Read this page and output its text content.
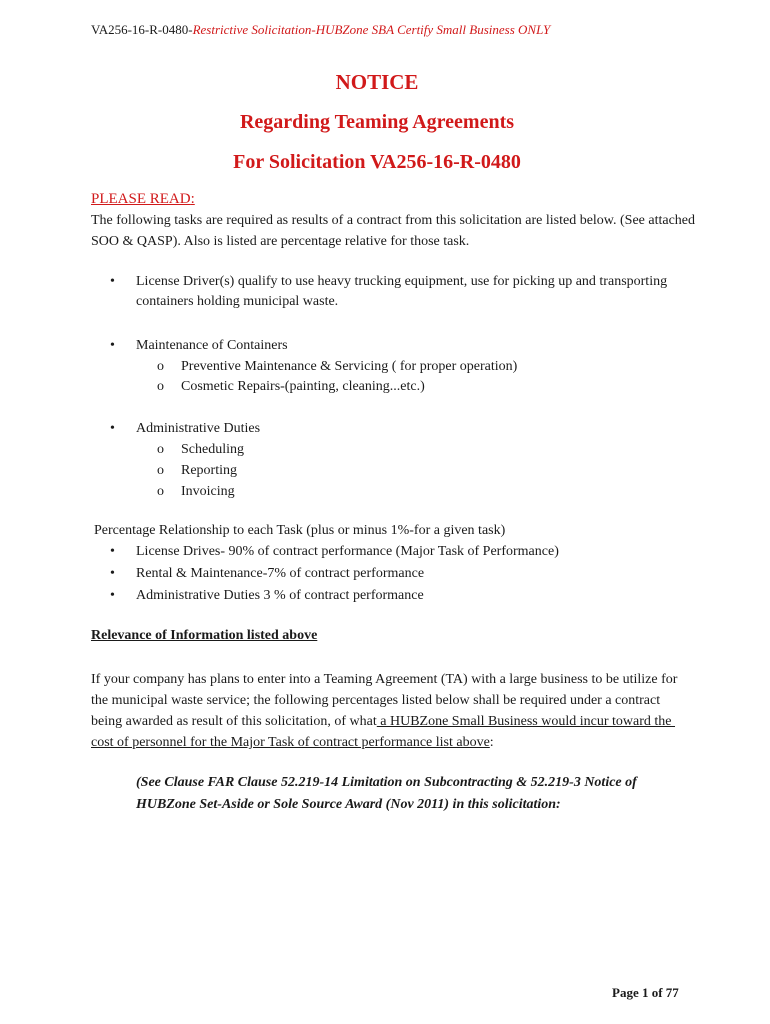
VA256-16-R-0480-Restrictive Solicitation-HUBZone SBA Certify Small Business ONLY
NOTICE
Regarding Teaming Agreements
For Solicitation VA256-16-R-0480
PLEASE READ:
The following tasks are required as results of a contract from this solicitation are listed below. (See attached SOO & QASP). Also is listed are percentage relative for those task.
• License Driver(s) qualify to use heavy trucking equipment, use for picking up and transporting containers holding municipal waste.
• Maintenance of Containers
o Preventive Maintenance & Servicing ( for proper operation)
o Cosmetic Repairs-(painting, cleaning...etc.)
• Administrative Duties
o Scheduling
o Reporting
o Invoicing
Percentage Relationship to each Task (plus or minus 1%-for a given task)
• License Drives- 90% of contract performance (Major Task of Performance)
• Rental & Maintenance-7% of contract performance
• Administrative Duties 3 % of contract performance
Relevance of Information listed above
If your company has plans to enter into a Teaming Agreement (TA) with a large business to be utilize for the municipal waste service; the following percentages listed below shall be required under a contract being awarded as result of this solicitation, of what a HUBZone Small Business would incur toward the cost of personnel for the Major Task of contract performance list above:
(See Clause FAR Clause 52.219-14 Limitation on Subcontracting & 52.219-3 Notice of HUBZone Set-Aside or Sole Source Award (Nov 2011) in this solicitation:
Page 1 of 77
